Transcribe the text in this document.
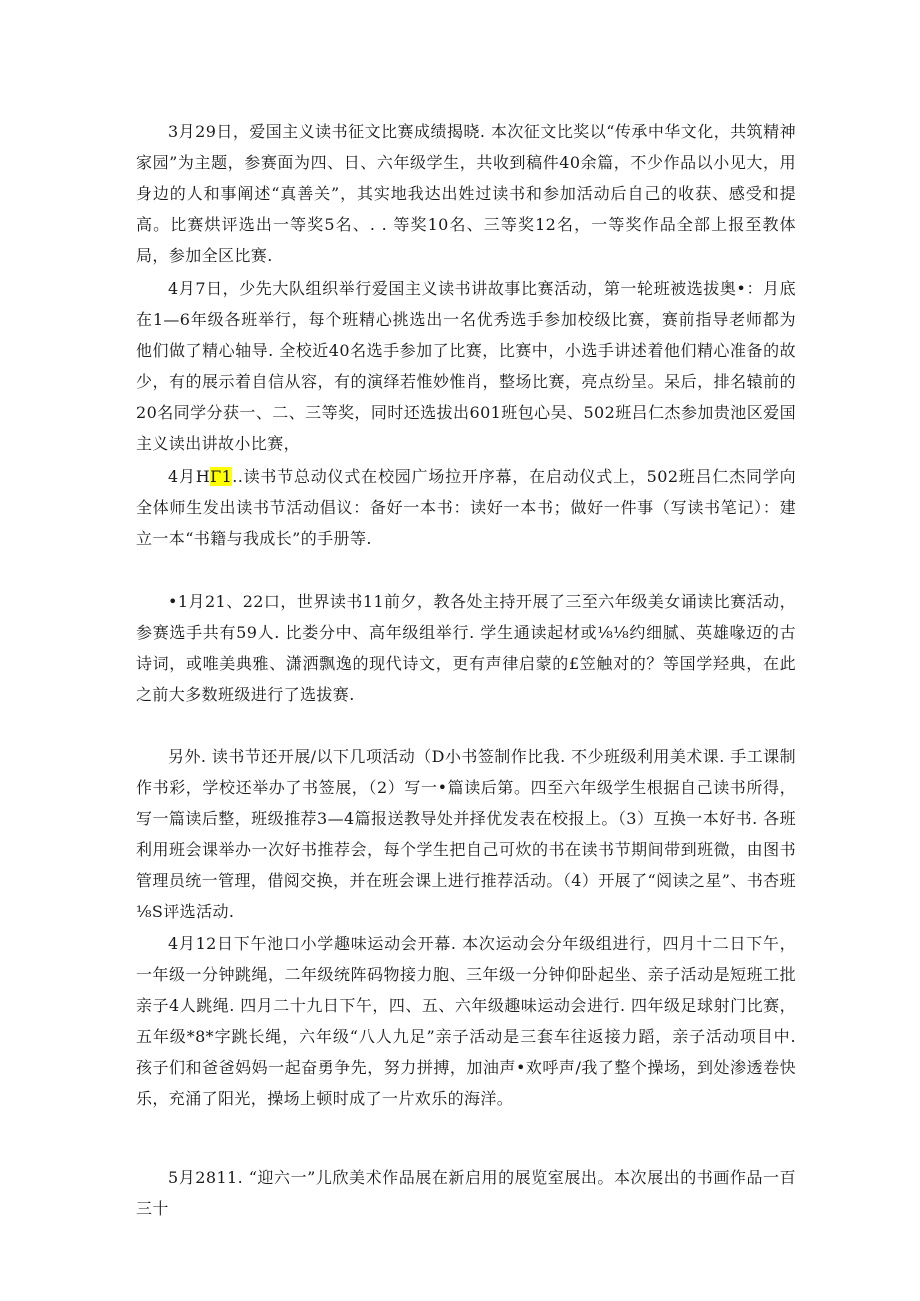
3月29日，爱国主义读书征文比赛成绩揭晓. 本次征文比奖以“传承中华文化，共筑精神家园”为主题，参赛面为四、日、六年级学生，共收到稿件40余篇，不少作品以小见大，用身边的人和事阐述“真善关”，其实地我达出姓过读书和参加活动后自己的收获、感受和提高。比赛烘评选出一等奖5名、. . 等奖10名、三等奖12名，一等奖作品全部上报至教体局，参加全区比赛.

4月7日，少先大队组织举行爱国主义读书讲故事比赛活动，第一轮班被选拔奥•：月底在1—6年级各班举行，每个班精心挑选出一名优秀选手参加校级比赛，赛前指导老师都为他们做了精心轴导. 全校近40名选手参加了比赛，比赛中，小选手讲述着他们精心准备的故少，有的展示着自信从容，有的演绎若惟妙惟肖，整场比赛，亮点纷呈。呆后，排名辕前的20名同学分获一、二、三等奖，同时还选拔出601班包心吴、502班吕仁杰参加贵池区爱国主义读出讲故小比赛，

4月HΓ1..读书节总动仪式在校园广场拉开序幕，在启动仪式上，502班吕仁杰同学向全体师生发出读书节活动倡议：备好一本书：读好一本书；做好一件事（写读书笔记）：建立一本“书籍与我成长”的手册等.

•1月21、22口，世界读书11前夕，教各处主持开展了三至六年级美女诵读比赛活动，参赛选手共有59人. 比娄分中、高年级组举行. 学生通读起材或⅛⅛约细腻、英雄喙迈的古诗词，或唯美典雅、潇洒飘逸的现代诗文，更有声律启蒙的£笠触对的？等国学羟典，在此之前大多数班级进行了选拔赛.

另外. 读书节还开展/以下几项活动（D小书签制作比我. 不少班级利用美术课. 手工课制作书彩，学校还举办了书签展，（2）写一•篇读后第。四至六年级学生根据自己读书所得，写一篇读后整，班级推荐3—4篇报送教导处并择优发表在校报上。（3）互换一本好书. 各班利用班会课举办一次好书推荐会，每个学生把自己可炊的书在读书节期间带到班微，由图书管理员统一管理，借阅交换，并在班会课上进行推荐活动。（4）开展了“阅读之星”、书杏班⅛S评选活动.

4月12日下午池口小学趣味运动会开幕. 本次运动会分年级组进行，四月十二日下午，一年级一分钟跳绳，二年级统阵码物接力胞、三年级一分钟仰卧起坐、亲子活动是短班工批亲子4人跳绳. 四月二十九日下午，四、五、六年级趣味运动会进行. 四年级足球射门比赛，五年级*8*字跳长绳，六年级“八人九足”亲子活动是三套车往返接力蹈，亲子活动项目中. 孩子们和爸爸妈妈一起奋勇争先，努力拼搏，加油声•欢呼声/我了整个操场，到处渗透卷快乐，充涌了阳光，操场上顿时成了一片欢乐的海洋。

5月2811. “迎六一”儿欣美术作品展在新启用的展览室展出。本次展出的书画作品一百三十
